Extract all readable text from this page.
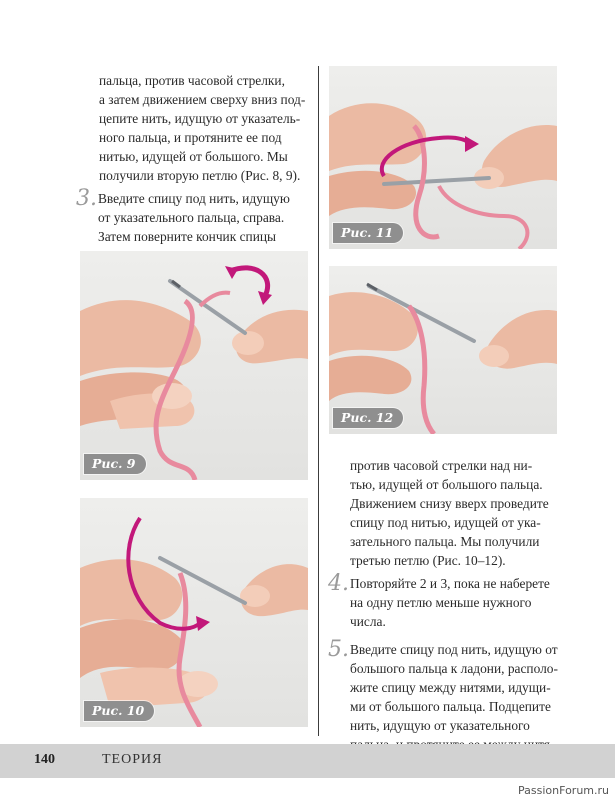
пальца, против часовой стрелки,

а затем движением сверху вниз под-

цепите нить, идущую от указатель-

ного пальца, и протяните ее под

нитью, идущей от большого. Мы

получили вторую петлю (Рис. 8, 9).

3. Введите спицу под нить, идущую

от указательного пальца, справа.

Затем поверните кончик спицы

Рис. 9
Рис. 10
Рис. 11
Рис. 12

против часовой стрелки над ни-

тью, идущей от большого пальца.

Движением снизу вверх проведите

спицу под нитью, идущей от ука-

зательного пальца. Мы получили

третью петлю (Рис. 10–12).

4. Повторяйте 2 и 3, пока не наберете

на одну петлю меньше нужного

числа.

5. Введите спицу под нить, идущую от

большого пальца к ладони, располо-

жите спицу между нитями, идущи-

ми от большого пальца. Подцепите

нить, идущую от указательного

140	ТЕОРИЯ
PassionForum.ru
